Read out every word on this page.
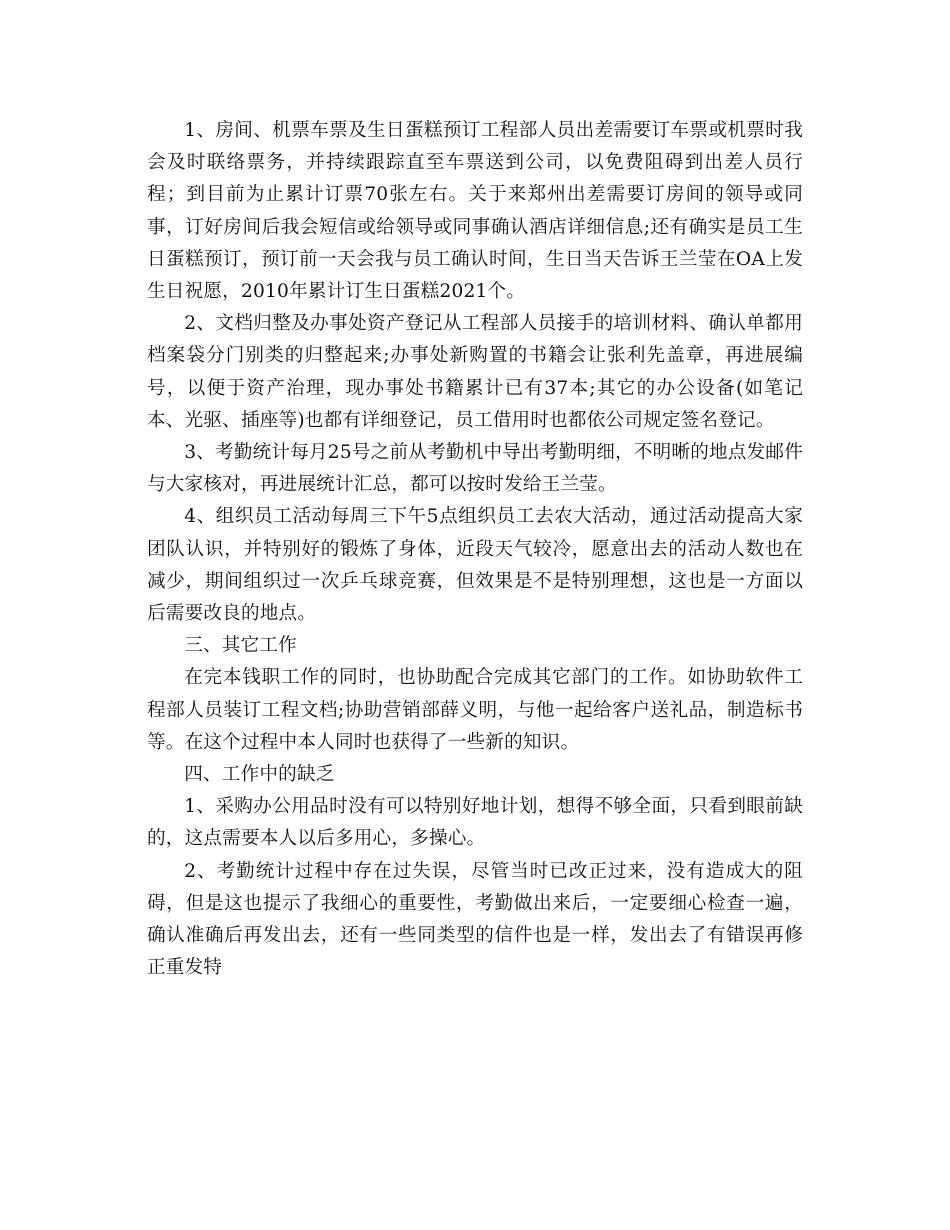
1、房间、机票车票及生日蛋糕预订工程部人员出差需要订车票或机票时我会及时联络票务，并持续跟踪直至车票送到公司，以免费阻碍到出差人员行程；到目前为止累计订票70张左右。关于来郑州出差需要订房间的领导或同事，订好房间后我会短信或给领导或同事确认酒店详细信息;还有确实是员工生日蛋糕预订，预订前一天会我与员工确认时间，生日当天告诉王兰莹在OA上发生日祝愿，2010年累计订生日蛋糕2021个。

2、文档归整及办事处资产登记从工程部人员接手的培训材料、确认单都用档案袋分门别类的归整起来;办事处新购置的书籍会让张利先盖章，再进展编号，以便于资产治理，现办事处书籍累计已有37本;其它的办公设备(如笔记本、光驱、插座等)也都有详细登记，员工借用时也都依公司规定签名登记。

3、考勤统计每月25号之前从考勤机中导出考勤明细，不明晰的地点发邮件与大家核对，再进展统计汇总，都可以按时发给王兰莹。

4、组织员工活动每周三下午5点组织员工去农大活动，通过活动提高大家团队认识，并特别好的锻炼了身体，近段天气较冷，愿意出去的活动人数也在减少，期间组织过一次乒乓球竞赛，但效果是不是特别理想，这也是一方面以后需要改良的地点。

三、其它工作

在完本钱职工作的同时，也协助配合完成其它部门的工作。如协助软件工程部人员装订工程文档;协助营销部薛义明，与他一起给客户送礼品，制造标书等。在这个过程中本人同时也获得了一些新的知识。

四、工作中的缺乏

1、采购办公用品时没有可以特别好地计划，想得不够全面，只看到眼前缺的，这点需要本人以后多用心，多操心。

2、考勤统计过程中存在过失误，尽管当时已改正过来，没有造成大的阻碍，但是这也提示了我细心的重要性，考勤做出来后，一定要细心检查一遍，确认准确后再发出去，还有一些同类型的信件也是一样，发出去了有错误再修正重发特
